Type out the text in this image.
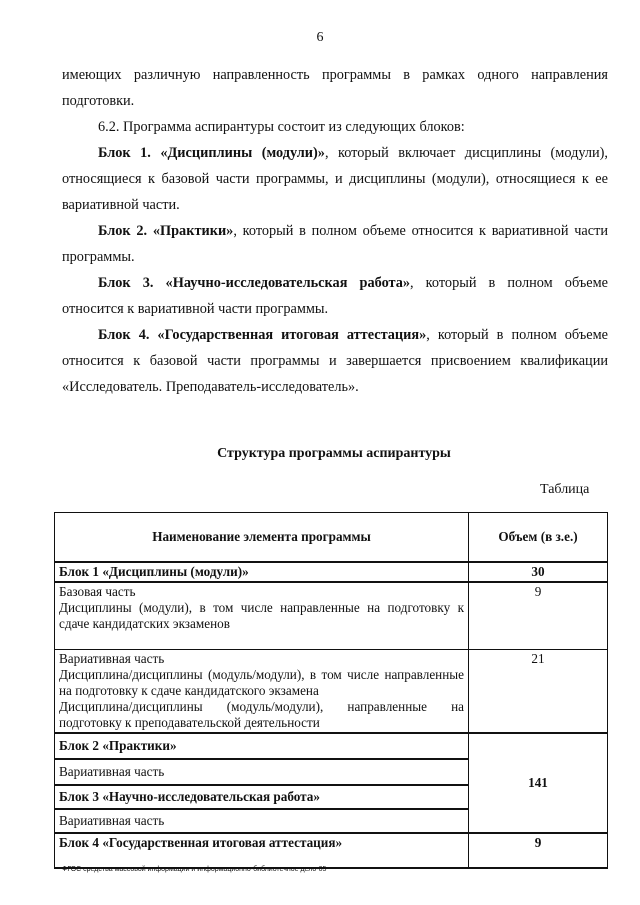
6

имеющих различную направленность программы в рамках одного направления подготовки.

6.2. Программа аспирантуры состоит из следующих блоков:

Блок 1. «Дисциплины (модули)», который включает дисциплины (модули), относящиеся к базовой части программы, и дисциплины (модули), относящиеся к ее вариативной части.

Блок 2. «Практики», который в полном объеме относится к вариативной части программы.

Блок 3. «Научно-исследовательская работа», который в полном объеме относится к вариативной части программы.

Блок 4. «Государственная итоговая аттестация», который в полном объеме относится к базовой части программы и завершается присвоением квалификации «Исследователь. Преподаватель-исследователь».

Структура программы аспирантуры
Таблица
Наименование элемента программы	Объем (в з.е.)
Блок 1 «Дисциплины (модули)»	30

Базовая часть
Дисциплины (модули), в том числе направленные на подготовку к сдаче кандидатских экзаменов	9

Вариативная часть
Дисциплина/дисциплины (модуль/модули), в том числе направленные на подготовку к сдаче кандидатского экзамена
Дисциплина/дисциплины (модуль/модули), направленные на подготовку к преподавательской деятельности	21
Блок 2 «Практики»	141
Вариативная часть	
Блок 3 «Научно-исследовательская работа»	
Вариативная часть	
Блок 4 «Государственная итоговая аттестация»	9
ФГОС средства массовой информации и информационно-библиотечное дело-05
